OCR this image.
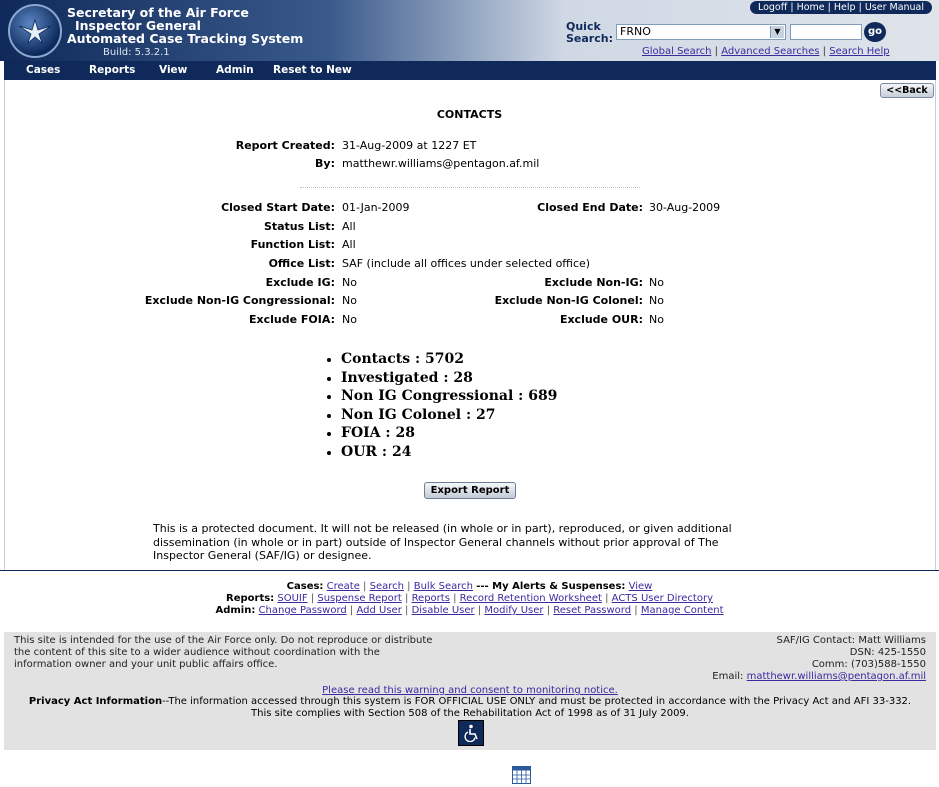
Secretary of the Air Force
Inspector General
Automated Case Tracking System
Build: 5.3.2.1
Logoff | Home | Help | User Manual
Quick
Search:
FRNO	▼	go
Global Search | Advanced Searches | Search Help
Cases	Reports View	Admin Reset to New
<<Back
CONTACTS
Report Created: 31-Aug-2009 at 1227 ET
By: matthewr.williams@pentagon.af.mil
Closed Start Date: 01-Jan-2009	Closed End Date: 30-Aug-2009
Status List: All
Function List: All
Office List: SAF (include all offices under selected office)
Exclude IG: No	Exclude Non-IG: No
Exclude Non-IG Congressional: No	Exclude Non-IG Colonel: No
Exclude FOIA: No	Exclude OUR: No
Contacts : 5702
Investigated : 28
Non IG Congressional : 689
Non IG Colonel : 27
FOIA : 28
OUR : 24
Export Report
This is a protected document. It will not be released (in whole or in part), reproduced, or given additional dissemination (in whole or in part) outside of Inspector General channels without prior approval of The Inspector General (SAF/IG) or designee.
Cases: Create | Search | Bulk Search --- My Alerts & Suspenses: View
Reports: SOUIF | Suspense Report | Reports | Record Retention Worksheet | ACTS User Directory
Admin: Change Password | Add User | Disable User | Modify User | Reset Password | Manage Content
This site is intended for the use of the Air Force only. Do not reproduce or distribute the content of this site to a wider audience without coordination with the information owner and your unit public affairs office.
SAF/IG Contact: Matt Williams
DSN: 425-1550
Comm: (703)588-1550
Email: matthewr.williams@pentagon.af.mil
Please read this warning and consent to monitoring notice.
Privacy Act Information--The information accessed through this system is FOR OFFICIAL USE ONLY and must be protected in accordance with the Privacy Act and AFI 33-332.
This site complies with Section 508 of the Rehabilitation Act of 1998 as of 31 July 2009.
